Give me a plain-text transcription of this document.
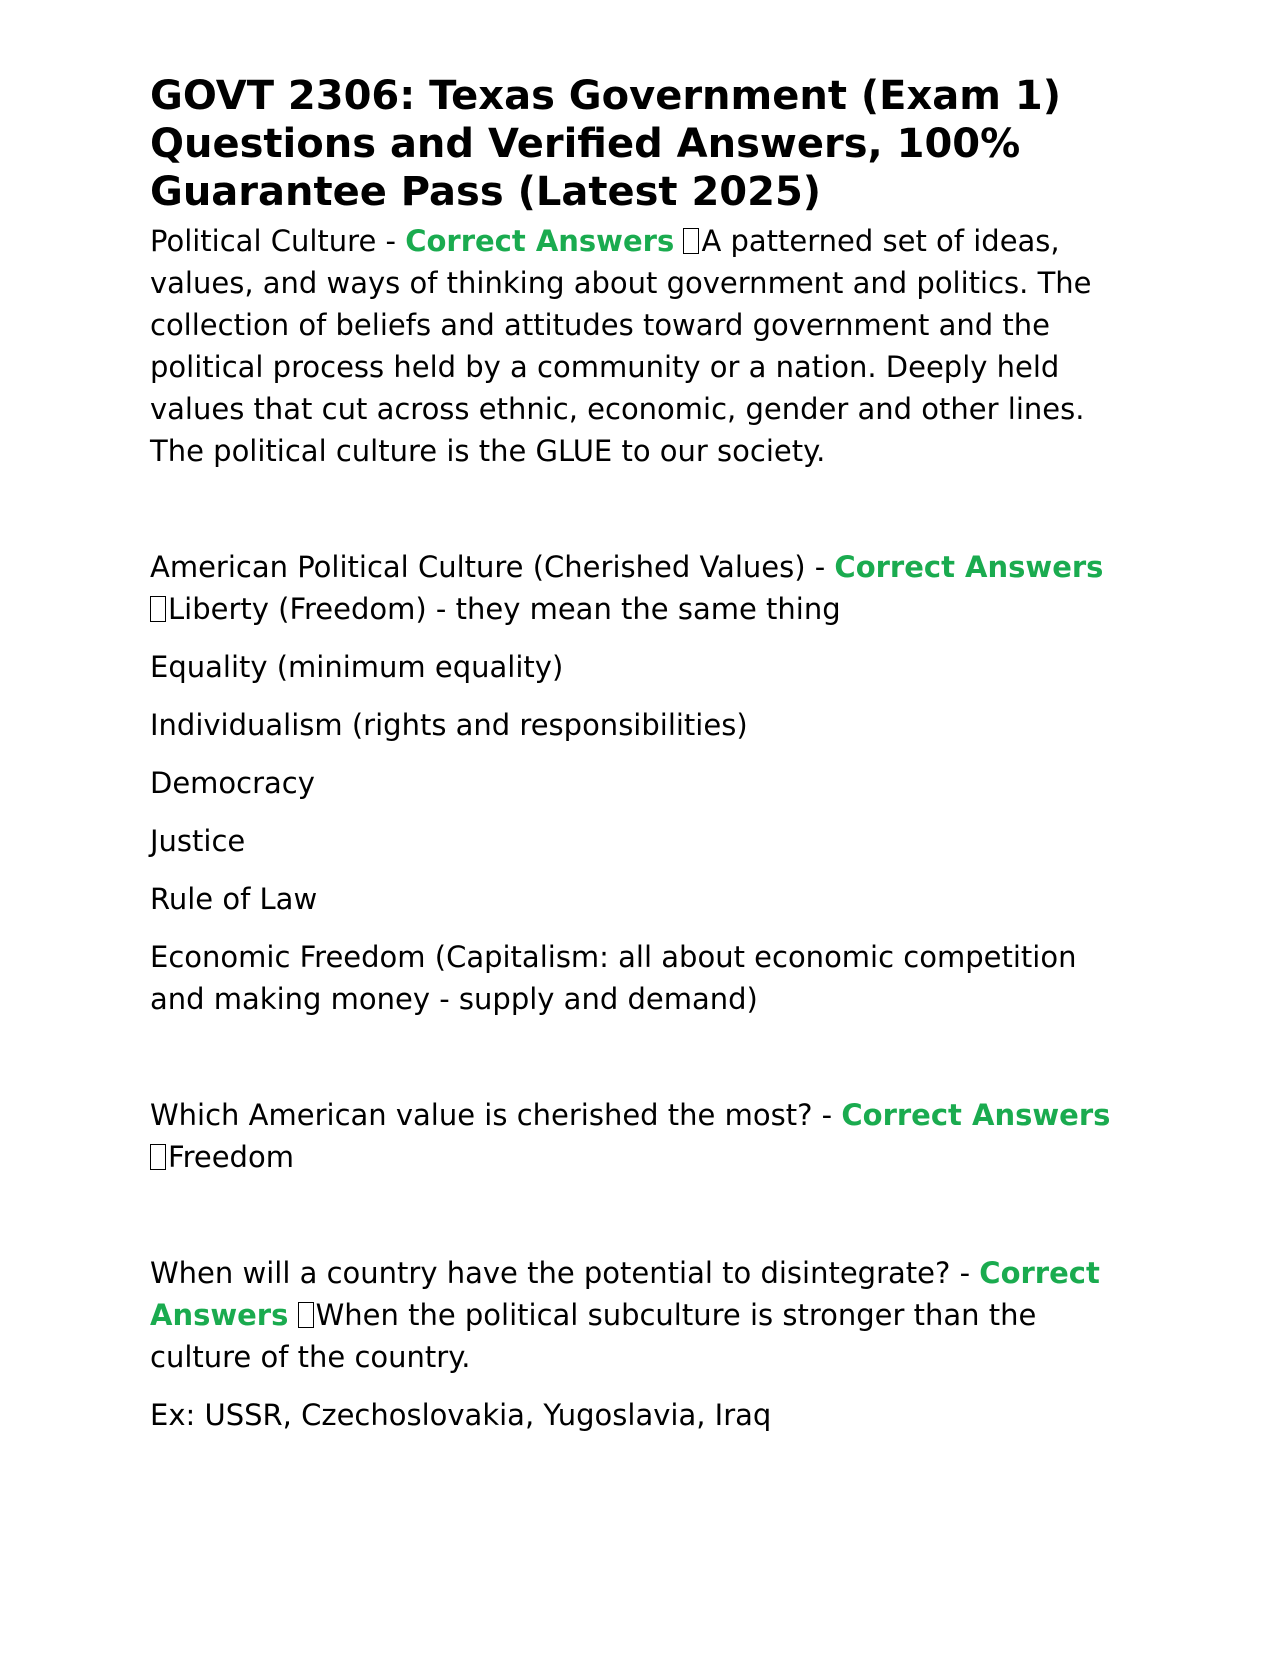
GOVT 2306: Texas Government (Exam 1) Questions and Verified Answers, 100% Guarantee Pass (Latest 2025)

Political Culture - Correct Answers A patterned set of ideas, values, and ways of thinking about government and politics. The collection of beliefs and attitudes toward government and the political process held by a community or a nation. Deeply held values that cut across ethnic, economic, gender and other lines. The political culture is the GLUE to our society.

American Political Culture (Cherished Values) - Correct Answers Liberty (Freedom) - they mean the same thing

Equality (minimum equality)

Individualism (rights and responsibilities)

Democracy

Justice

Rule of Law

Economic Freedom (Capitalism: all about economic competition and making money - supply and demand)

Which American value is cherished the most? - Correct Answers Freedom

When will a country have the potential to disintegrate? - Correct Answers When the political subculture is stronger than the culture of the country.

Ex: USSR, Czechoslovakia, Yugoslavia, Iraq
